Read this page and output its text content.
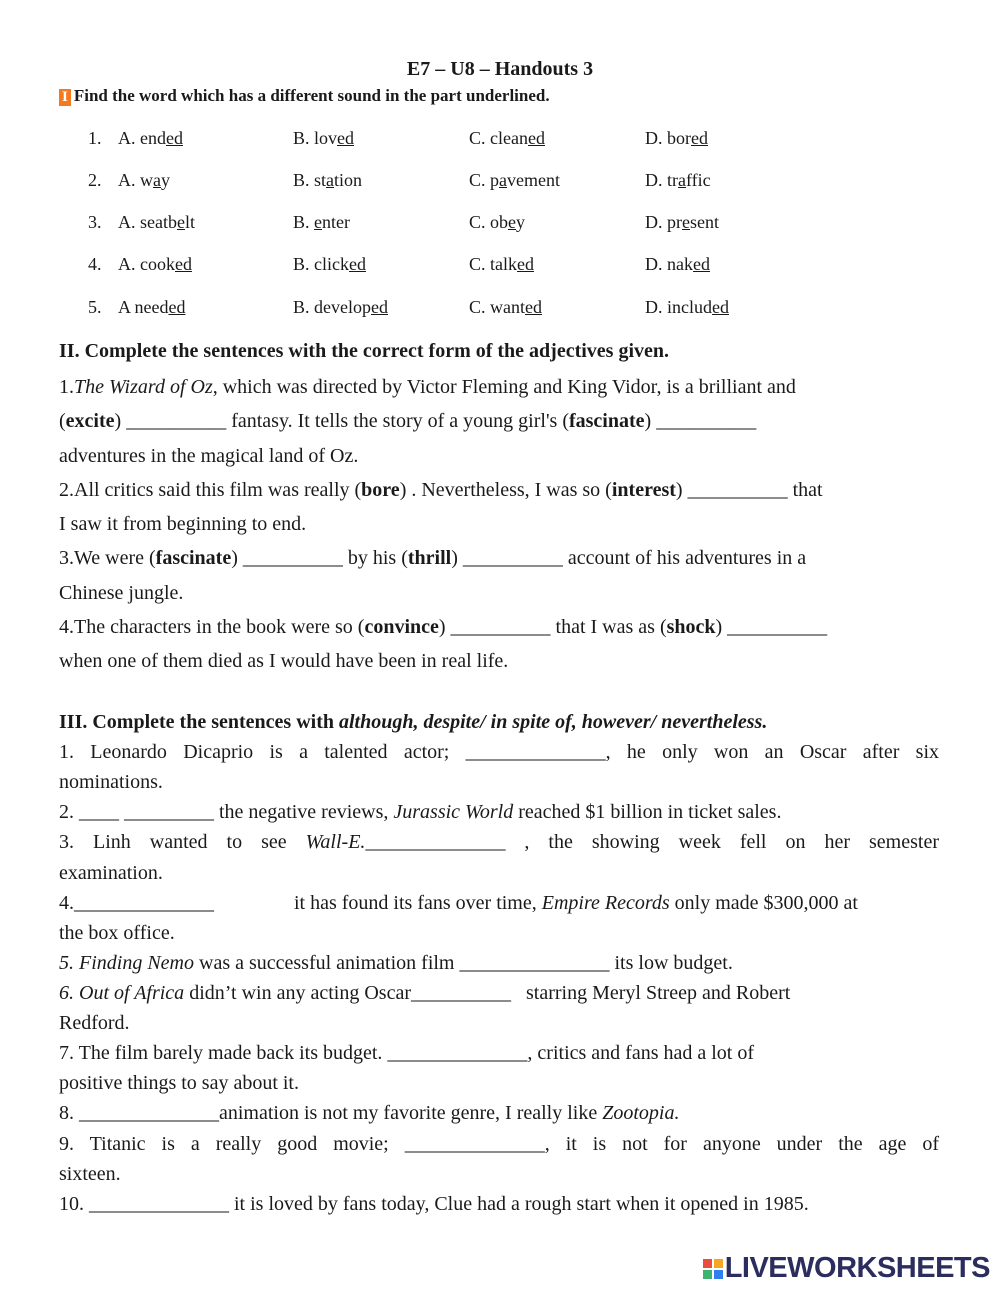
E7 – U8 – Handouts 3
I Find the word which has a different sound in the part underlined.
1. A. ended	B. loved	C. cleaned	D. bored
2. A. way	B. station	C. pavement	D. traffic
3. A. seatbelt	B. enter	C. obey	D. present
4. A. cooked	B. clicked	C. talked	D. naked
5. A needed	B. developed	C. wanted	D. included
II. Complete the sentences with the correct form of the adjectives given.
1.The Wizard of Oz, which was directed by Victor Fleming and King Vidor, is a brilliant and
(excite) __________ fantasy. It tells the story of a young girl's (fascinate) __________
adventures in the magical land of Oz.
2.All critics said this film was really (bore) . Nevertheless, I was so (interest) __________ that
I saw it from beginning to end.
3.We were (fascinate) __________ by his (thrill) __________ account of his adventures in a
Chinese jungle.
4.The characters in the book were so (convince) __________ that I was as (shock) __________
when one of them died as I would have been in real life.
III. Complete the sentences with although, despite/ in spite of, however/ nevertheless.
1. Leonardo Dicaprio is a talented actor; ______________, he only won an Oscar after six
nominations.
2. ____ _________ the negative reviews, Jurassic World reached $1 billion in ticket sales.
3. Linh wanted to see Wall-E.______________ , the showing week fell on her semester
examination.
4.______________	it has found its fans over time, Empire Records only made $300,000 at
the box office.
5. Finding Nemo was a successful animation film _______________ its low budget.
6. Out of Africa didn’t win any acting Oscar__________   starring Meryl Streep and Robert
Redford.
7. The film barely made back its budget. ______________, critics and fans had a lot of
positive things to say about it.
8. ______________animation is not my favorite genre, I really like Zootopia.
9. Titanic is a really good movie; ______________, it is not for anyone under the age of
sixteen.
10. ______________ it is loved by fans today, Clue had a rough start when it opened in 1985.
LIVEWORKSHEETS
